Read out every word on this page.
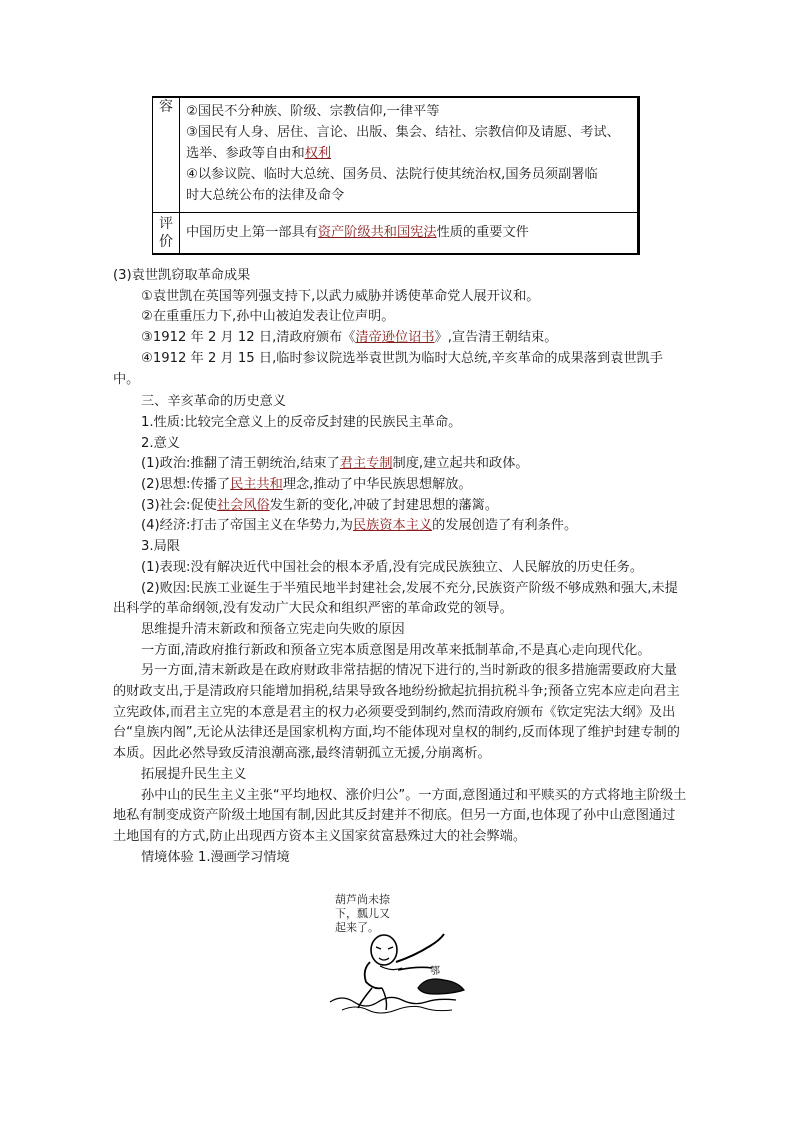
容	②国民不分种族、阶级、宗教信仰,一律平等
③国民有人身、居住、言论、出版、集会、结社、宗教信仰及请愿、考试、
选举、参政等自由和权利
④以参议院、临时大总统、国务员、法院行使其统治权,国务员须副署临
时大总统公布的法律及命令

评价	中国历史上第一部具有资产阶级共和国宪法性质的重要文件

(3)袁世凯窃取革命成果

①袁世凯在英国等列强支持下,以武力威胁并诱使革命党人展开议和。

②在重重压力下,孙中山被迫发表让位声明。

③1912 年 2 月 12 日,清政府颁布《清帝逊位诏书》,宣告清王朝结束。

④1912 年 2 月 15 日,临时参议院选举袁世凯为临时大总统,辛亥革命的成果落到袁世凯手中。

三、辛亥革命的历史意义

1.性质:比较完全意义上的反帝反封建的民族民主革命。

2.意义

(1)政治:推翻了清王朝统治,结束了君主专制制度,建立起共和政体。

(2)思想:传播了民主共和理念,推动了中华民族思想解放。

(3)社会:促使社会风俗发生新的变化,冲破了封建思想的藩篱。

(4)经济:打击了帝国主义在华势力,为民族资本主义的发展创造了有利条件。

3.局限

(1)表现:没有解决近代中国社会的根本矛盾,没有完成民族独立、人民解放的历史任务。

(2)败因:民族工业诞生于半殖民地半封建社会,发展不充分,民族资产阶级不够成熟和强大,未提出科学的革命纲领,没有发动广大民众和组织严密的革命政党的领导。

思维提升清末新政和预备立宪走向失败的原因

一方面,清政府推行新政和预备立宪本质意图是用改革来抵制革命,不是真心走向现代化。

另一方面,清末新政是在政府财政非常拮据的情况下进行的,当时新政的很多措施需要政府大量的财政支出,于是清政府只能增加捐税,结果导致各地纷纷掀起抗捐抗税斗争;预备立宪本应走向君主立宪政体,而君主立宪的本意是君主的权力必须要受到制约,然而清政府颁布《钦定宪法大纲》及出台“皇族内阁”,无论从法律还是国家机构方面,均不能体现对皇权的制约,反而体现了维护封建专制的本质。因此必然导致反清浪潮高涨,最终清朝孤立无援,分崩离析。

拓展提升民生主义

孙中山的民生主义主张“平均地权、涨价归公”。一方面,意图通过和平赎买的方式将地主阶级土地私有制变成资产阶级土地国有制,因此其反封建并不彻底。但另一方面,也体现了孙中山意图通过土地国有的方式,防止出现西方资本主义国家贫富悬殊过大的社会弊端。

情境体验 1.漫画学习情境

葫芦尚未捺
下，瓢儿又
起来了。
鄂
